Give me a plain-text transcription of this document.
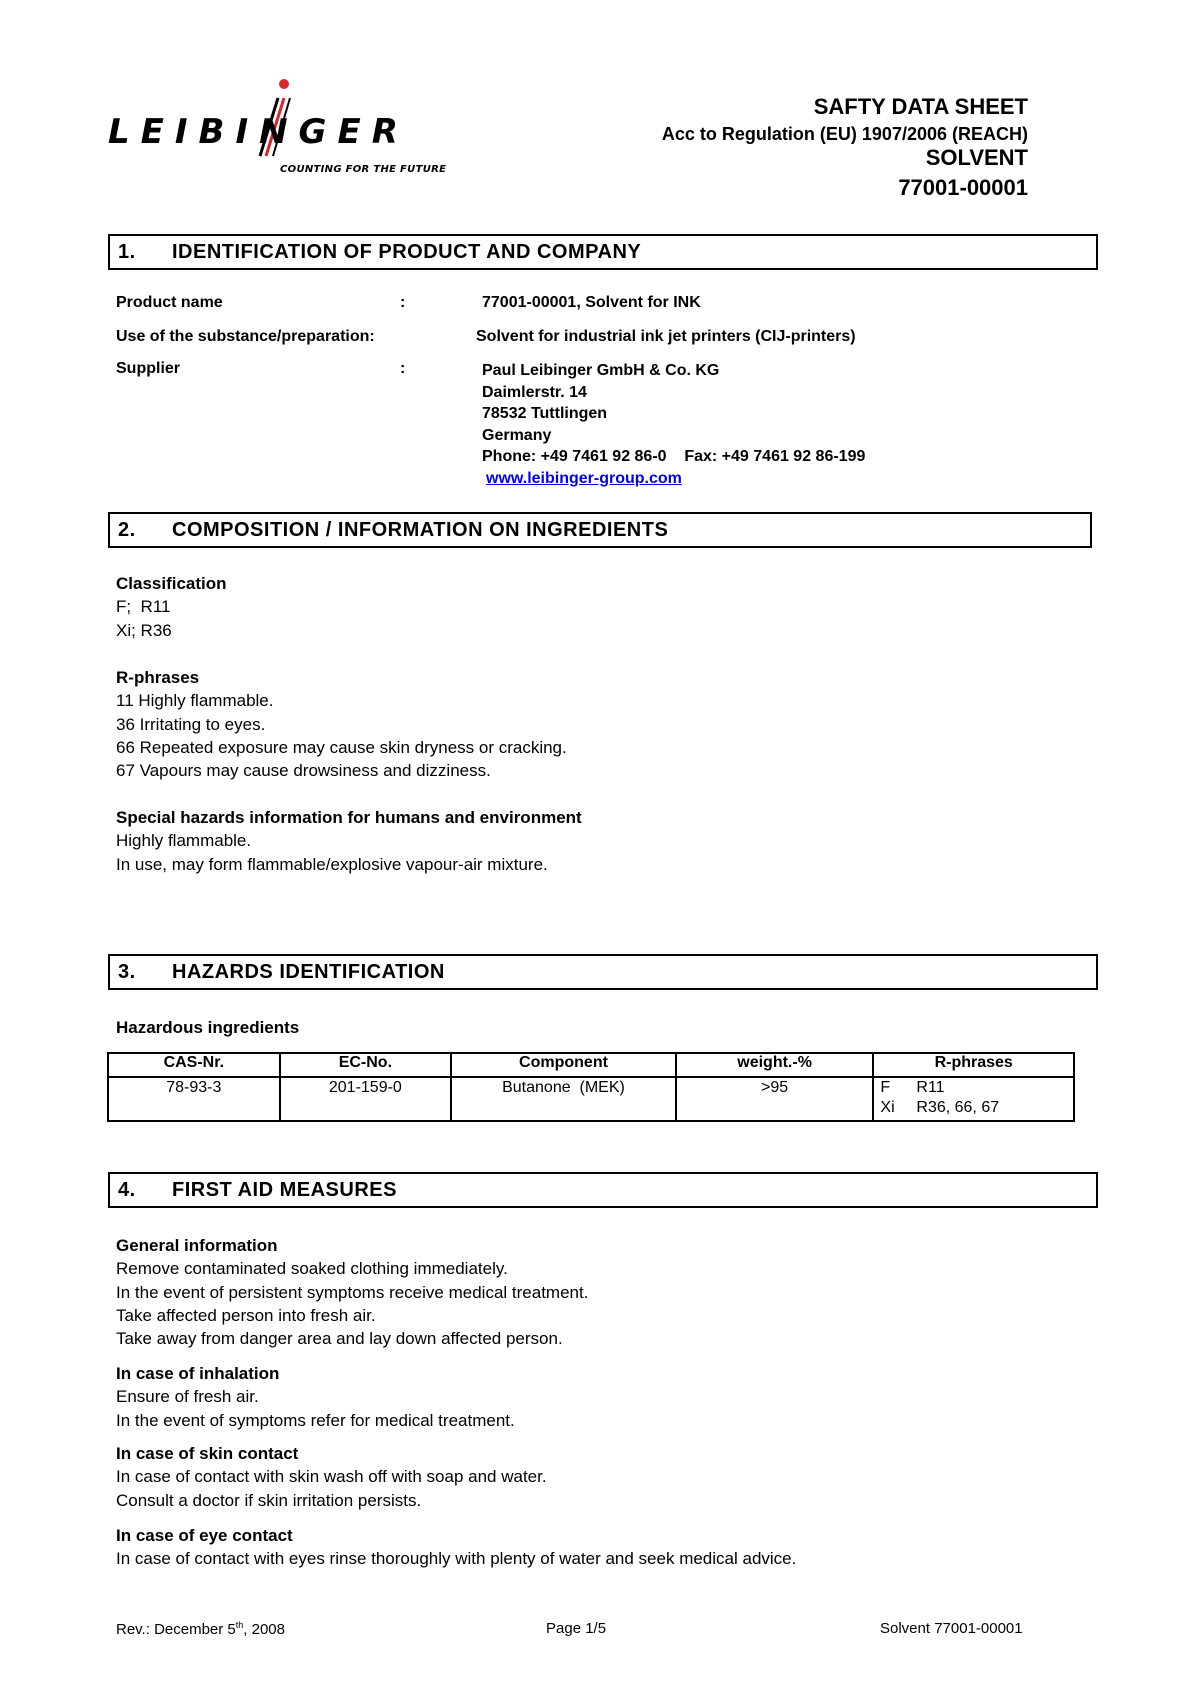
LEIBINGER
COUNTING FOR THE FUTURE
SAFTY DATA SHEET
Acc to Regulation (EU) 1907/2006 (REACH)
SOLVENT
77001-00001
1. IDENTIFICATION OF PRODUCT AND COMPANY
Product name	:	77001-00001, Solvent for INK
Use of the substance/preparation:	Solvent for industrial ink jet printers (CIJ-printers)
Supplier	:	Paul Leibinger GmbH & Co. KG
Daimlerstr. 14
78532 Tuttlingen
Germany
Phone: +49 7461 92 86-0    Fax: +49 7461 92 86-199
www.leibinger-group.com
2. COMPOSITION / INFORMATION ON INGREDIENTS
Classification
F;  R11
Xi; R36
R-phrases
11 Highly flammable.
36 Irritating to eyes.
66 Repeated exposure may cause skin dryness or cracking.
67 Vapours may cause drowsiness and dizziness.
Special hazards information for humans and environment
Highly flammable.
In use, may form flammable/explosive vapour-air mixture.
3. HAZARDS IDENTIFICATION
Hazardous ingredients
CAS-Nr.	EC-No.	Component	weight.-%	R-phrases
78-93-3	201-159-0	Butanone  (MEK)	>95	F R11
Xi R36, 66, 67
4. FIRST AID MEASURES
General information
Remove contaminated soaked clothing immediately.
In the event of persistent symptoms receive medical treatment.
Take affected person into fresh air.
Take away from danger area and lay down affected person.
In case of inhalation
Ensure of fresh air.
In the event of symptoms refer for medical treatment.
In case of skin contact
In case of contact with skin wash off with soap and water.
Consult a doctor if skin irritation persists.
In case of eye contact
In case of contact with eyes rinse thoroughly with plenty of water and seek medical advice.
Rev.: December 5th, 2008	Page 1/5	Solvent 77001-00001
